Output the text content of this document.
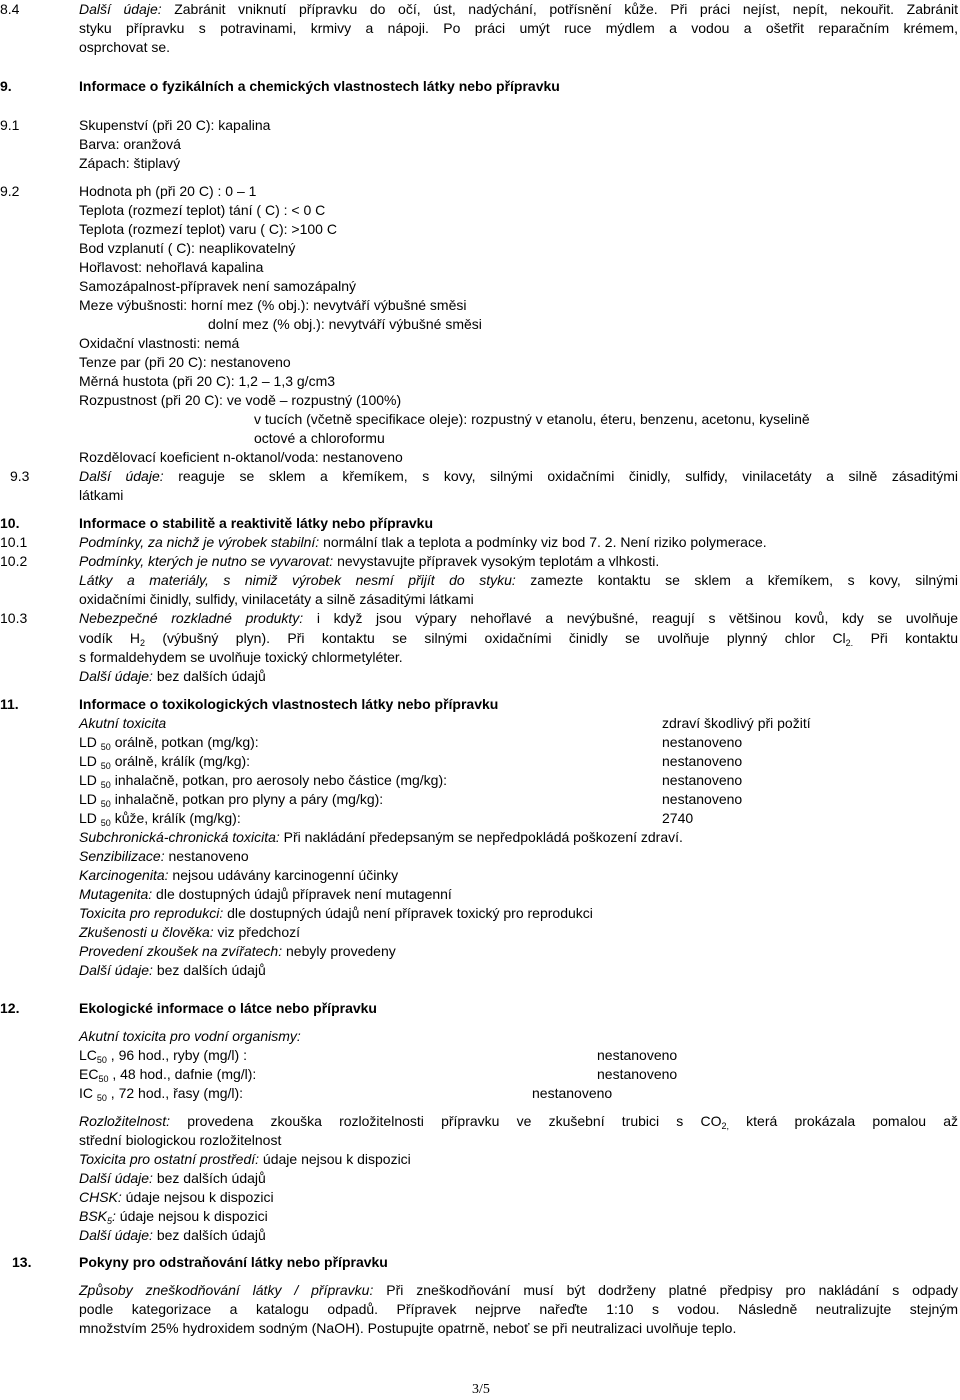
8.4	Další údaje: Zabránit vniknutí přípravku do očí, úst, nadýchání, potřísnění kůže. Při práci nejíst, nepít, nekouřit. Zabránit
styku přípravku s potravinami, krmivy a nápoji. Po práci umýt ruce mýdlem a vodou a ošetřit reparačním krémem,
osprchovat se.
9.	Informace o fyzikálních a chemických vlastnostech látky nebo přípravku
9.1	Skupenství (při 20 C): kapalina
Barva: oranžová
Zápach: štiplavý
9.2	Hodnota ph (při 20 C) : 0 – 1
Teplota (rozmezí teplot) tání ( C) : < 0 C
Teplota (rozmezí teplot) varu ( C): >100 C
Bod vzplanutí ( C): neaplikovatelný
Hořlavost: nehořlavá kapalina
Samozápalnost-přípravek není samozápalný
Meze výbušnosti: horní mez (% obj.): nevytváří výbušné směsi
dolní mez (% obj.): nevytváří výbušné směsi
Oxidační vlastnosti: nemá
Tenze par (při 20 C): nestanoveno
Měrná hustota (při 20 C): 1,2 – 1,3 g/cm3
Rozpustnost (při 20 C): ve vodě – rozpustný (100%)
v tucích (včetně specifikace oleje): rozpustný v etanolu, éteru, benzenu, acetonu, kyselině
octové a chloroformu
Rozdělovací koeficient n-oktanol/voda: nestanoveno
9.3	Další údaje: reaguje se sklem a křemíkem, s kovy, silnými oxidačními činidly, sulfidy, vinilacetáty a silně zásaditými
látkami
10.	Informace o stabilitě a reaktivitě látky nebo přípravku
10.1	Podmínky, za nichž je výrobek stabilní: normální tlak a teplota a podmínky viz bod 7. 2. Není riziko polymerace.
10.2	Podmínky, kterých je nutno se vyvarovat: nevystavujte přípravek vysokým teplotám a vlhkosti.
Látky a materiály, s nimiž výrobek nesmí přijít do styku: zamezte kontaktu se sklem a křemíkem, s kovy, silnými
oxidačními činidly, sulfidy, vinilacetáty a silně zásaditými látkami
10.3	Nebezpečné rozkladné produkty: i když jsou výpary nehořlavé a nevýbušné, reagují s většinou kovů, kdy se uvolňuje
vodík $H_2$ (výbušný plyn). Při kontaktu se silnými oxidačními činidly se uvolňuje plynný chlor $Cl_{2.}$ Při kontaktu
s formaldehydem se uvolňuje toxický chlormetyléter.
Další údaje: bez dalších údajů
11.	Informace o toxikologických vlastnostech látky nebo přípravku
Akutní toxicita	zdraví škodlivý při požití
LD $_{50}$ orálně, potkan (mg/kg):	nestanoveno
LD $_{50}$ orálně, králík (mg/kg):	nestanoveno
LD $_{50}$ inhalačně, potkan, pro aerosoly nebo částice (mg/kg):	nestanoveno
LD $_{50}$ inhalačně, potkan pro plyny a páry (mg/kg):	nestanoveno
LD $_{50}$ kůže, králík (mg/kg):	2740
Subchronická-chronická toxicita: Při nakládání předepsaným se nepředpokládá poškození zdraví.
Senzibilizace: nestanoveno
Karcinogenita: nejsou udávány karcinogenní účinky
Mutagenita: dle dostupných údajů přípravek není mutagenní
Toxicita pro reprodukci: dle dostupných údajů není přípravek toxický pro reprodukci
Zkušenosti u člověka: viz předchozí
Provedení zkoušek na zvířatech: nebyly provedeny
Další údaje: bez dalších údajů
12.	Ekologické informace o látce nebo přípravku
Akutní toxicita pro vodní organismy:
$LC_{50}$ , 96 hod., ryby (mg/l) :	nestanoveno
$EC_{50}$ , 48 hod., dafnie (mg/l):	nestanoveno
IC $_{50}$ , 72 hod., řasy (mg/l):	nestanoveno
Rozložitelnost: provedena zkouška rozložitelnosti přípravku ve zkušební trubici s $CO_{2,}$ která prokázala pomalou až
střední biologickou rozložitelnost
Toxicita pro ostatní prostředí: údaje nejsou k dispozici
Další údaje: bez dalších údajů
CHSK: údaje nejsou k dispozici
$BSK_5$: údaje nejsou k dispozici
Další údaje: bez dalších údajů
13.	Pokyny pro odstraňování látky nebo přípravku
Způsoby zneškodňování látky / přípravku: Při zneškodňování musí být dodrženy platné předpisy pro nakládání s odpady
podle kategorizace a katalogu odpadů. Přípravek nejprve nařeďte 1:10 s vodou. Následně neutralizujte stejným
množstvím 25% hydroxidem sodným (NaOH). Postupujte opatrně, neboť se při neutralizaci uvolňuje teplo.
3/5
